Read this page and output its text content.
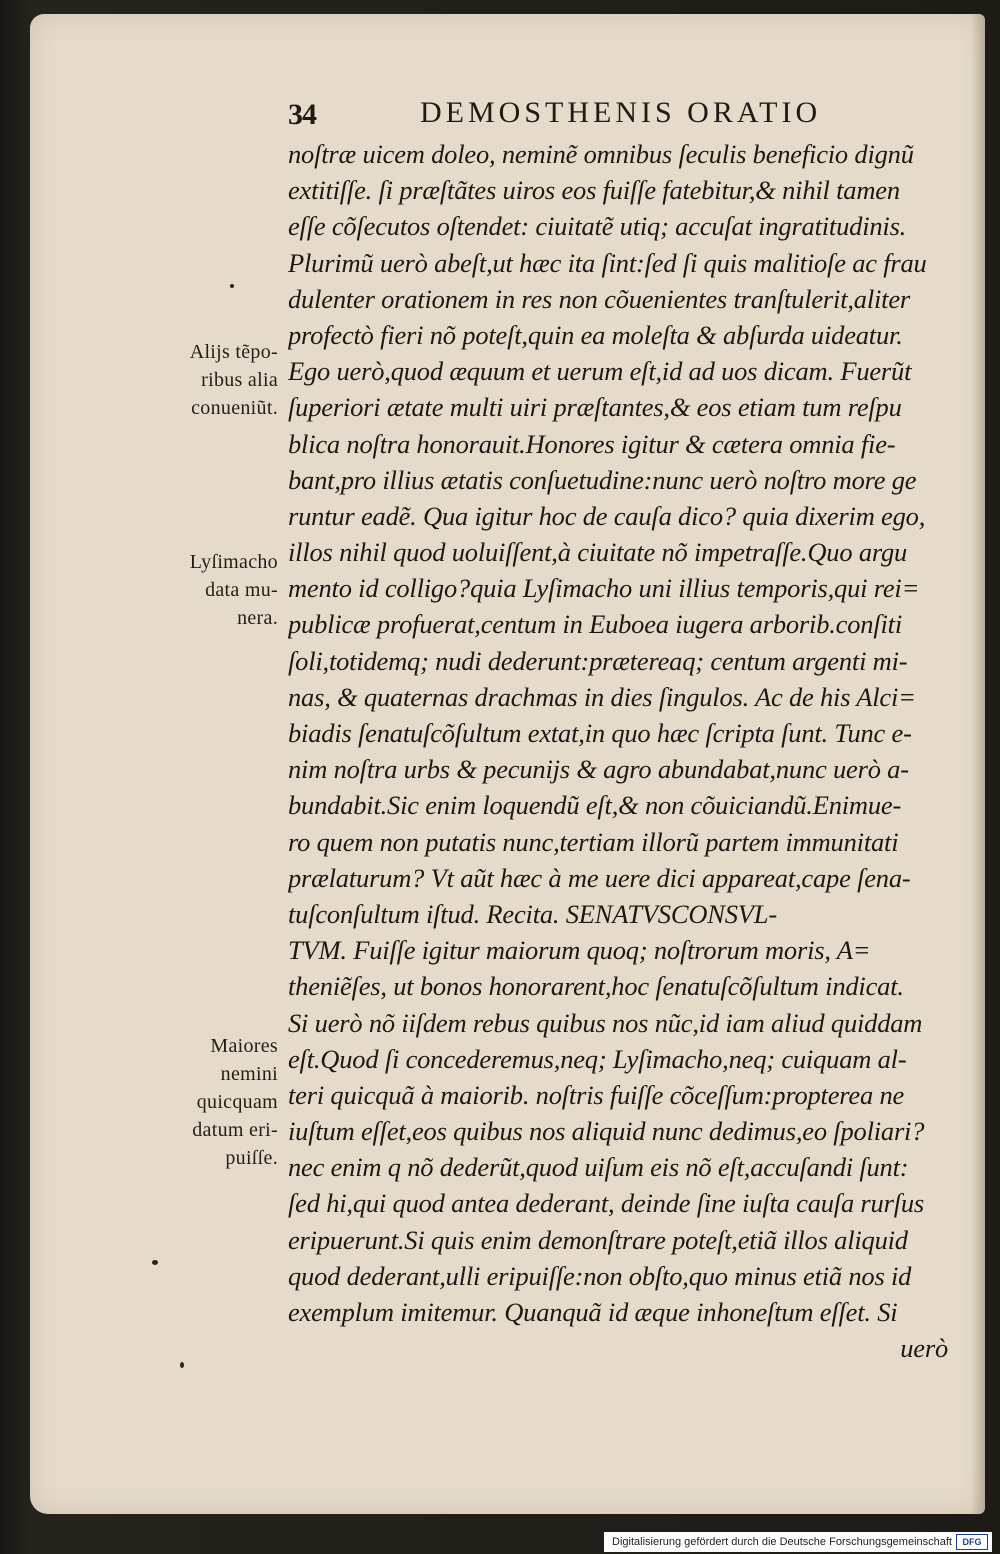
34	DEMOSTHENIS ORATIO
noſtræ uicem doleo, neminẽ omnibus ſeculis beneficio dignũ
extitiſſe. ſi præſtãtes uiros eos fuiſſe fatebitur,& nihil tamen
eſſe cõſecutos oſtendet: ciuitatẽ utiq; accuſat ingratitudinis.
Plurimũ uerò abeſt,ut hæc ita ſint:ſed ſi quis malitioſe ac frau
dulenter orationem in res non cõuenientes tranſtulerit,aliter
profectò fieri nõ poteſt,quin ea moleſta & abſurda uideatur.
Ego uerò,quod æquum et uerum eſt,id ad uos dicam. Fuerũt
ſuperiori ætate multi uiri præſtantes,& eos etiam tum reſpu
blica noſtra honorauit.Honores igitur & cætera omnia fie-
bant,pro illius ætatis conſuetudine:nunc uerò noſtro more ge
runtur eadẽ. Qua igitur hoc de cauſa dico? quia dixerim ego,
illos nihil quod uoluiſſent,à ciuitate nõ impetraſſe.Quo argu
mento id colligo?quia Lyſimacho uni illius temporis,qui rei=
publicæ profuerat,centum in Euboea iugera arborib.conſiti
ſoli,totidemq; nudi dederunt:prætereaq; centum argenti mi-
nas, & quaternas drachmas in dies ſingulos. Ac de his Alci=
biadis ſenatuſcõſultum extat,in quo hæc ſcripta ſunt. Tunc e-
nim noſtra urbs & pecunijs & agro abundabat,nunc uerò a-
bundabit.Sic enim loquendũ eſt,& non cõuiciandũ.Enimue-
ro quem non putatis nunc,tertiam illorũ partem immunitati
prælaturum? Vt aũt hæc à me uere dici appareat,cape ſena-
tuſconſultum iſtud. Recita. SENATVSCONSVL-
TVM. Fuiſſe igitur maiorum quoq; noſtrorum moris, A=
theniẽſes, ut bonos honorarent,hoc ſenatuſcõſultum indicat.
Si uerò nõ iiſdem rebus quibus nos nũc,id iam aliud quiddam
eſt.Quod ſi concederemus,neq; Lyſimacho,neq; cuiquam al-
teri quicquã à maiorib. noſtris fuiſſe cõceſſum:propterea ne
iuſtum eſſet,eos quibus nos aliquid nunc dedimus,eo ſpoliari?
nec enim q nõ dederũt,quod uiſum eis nõ eſt,accuſandi ſunt:
ſed hi,qui quod antea dederant, deinde ſine iuſta cauſa rurſus
eripuerunt.Si quis enim demonſtrare poteſt,etiã illos aliquid
quod dederant,ulli eripuiſſe:non obſto,quo minus etiã nos id
exemplum imitemur. Quanquã id æque inhoneſtum eſſet. Si
uerò
Alijs tẽpo-
ribus alia
conueniũt.
Lyſimacho
data mu-
nera.
Maiores
nemini
quicquam
datum eri-
puiſſe.
Digitalisierung gefördert durch die Deutsche Forschungsgemeinschaft	DFG
